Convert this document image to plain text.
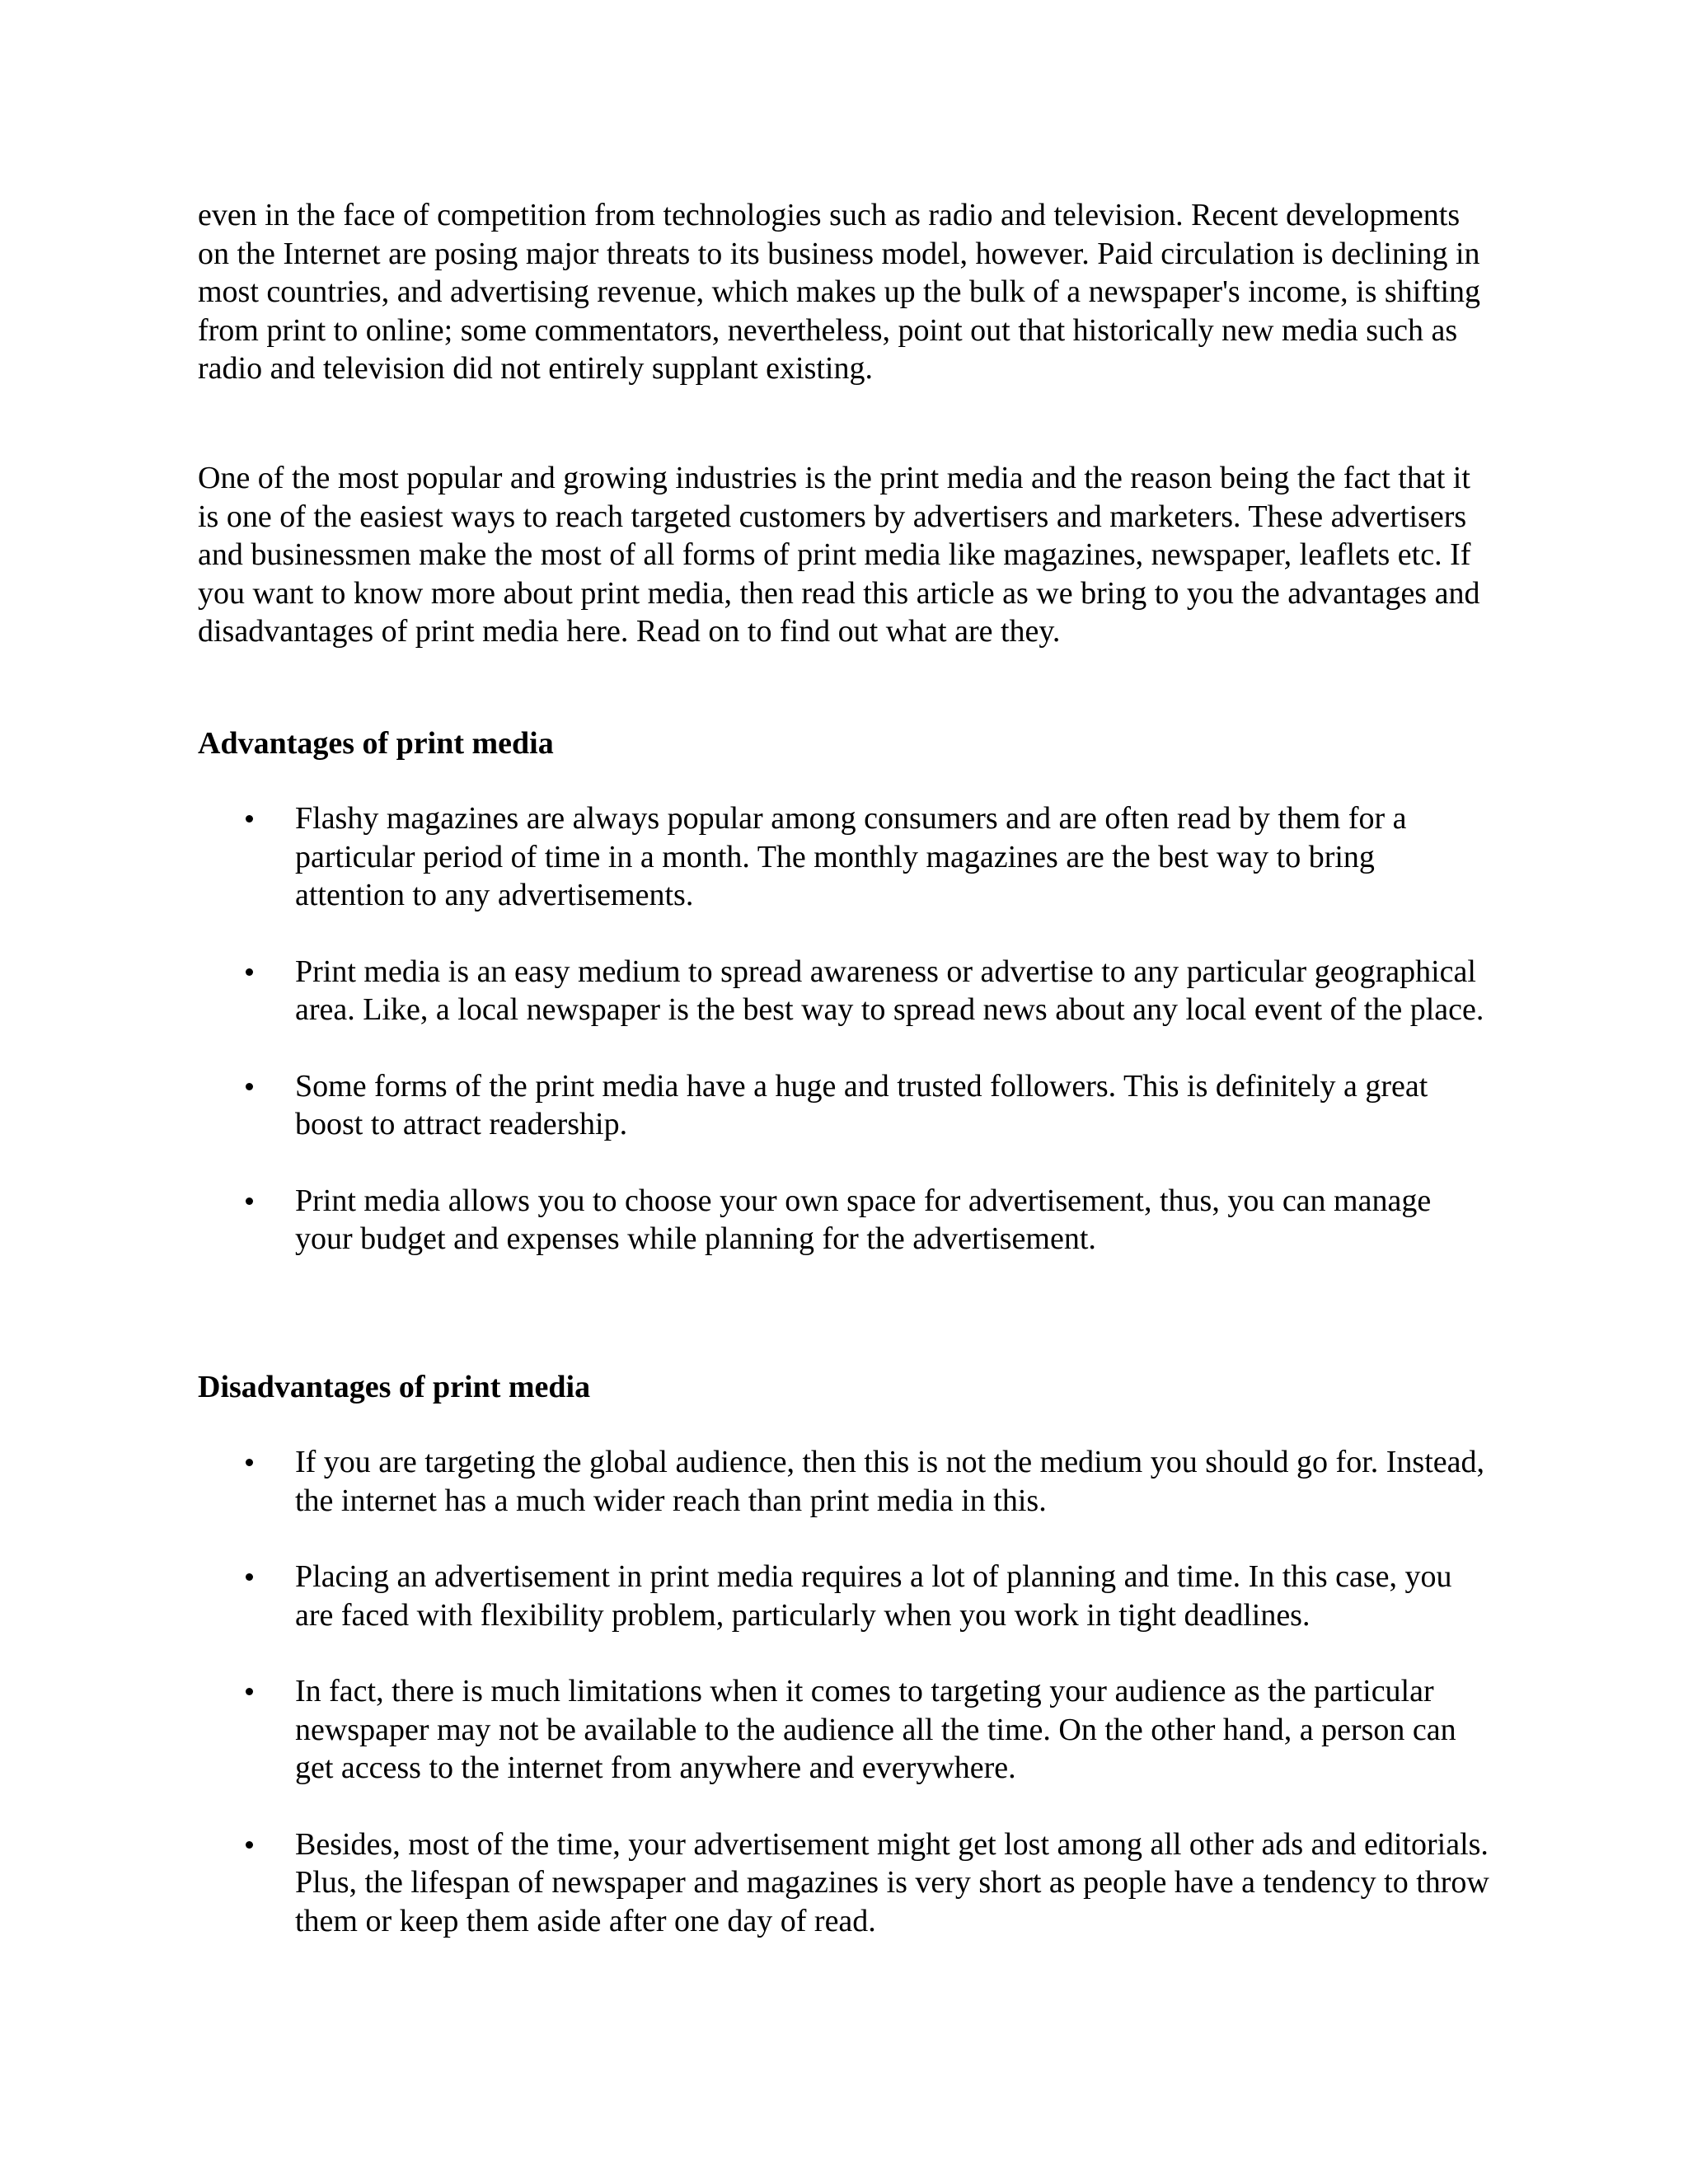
even in the face of competition from technologies such as radio and television. Recent developments on the Internet are posing major threats to its business model, however. Paid circulation is declining in most countries, and advertising revenue, which makes up the bulk of a newspaper's income, is shifting from print to online; some commentators, nevertheless, point out that historically new media such as radio and television did not entirely supplant existing.

One of the most popular and growing industries is the print media and the reason being the fact that it is one of the easiest ways to reach targeted customers by advertisers and marketers. These advertisers and businessmen make the most of all forms of print media like magazines, newspaper, leaflets etc. If you want to know more about print media, then read this article as we bring to you the advantages and disadvantages of print media here. Read on to find out what are they.

Advantages of print media
Flashy magazines are always popular among consumers and are often read by them for a particular period of time in a month. The monthly magazines are the best way to bring attention to any advertisements.
Print media is an easy medium to spread awareness or advertise to any particular geographical area. Like, a local newspaper is the best way to spread news about any local event of the place.
Some forms of the print media have a huge and trusted followers. This is definitely a great boost to attract readership.
Print media allows you to choose your own space for advertisement, thus, you can manage your budget and expenses while planning for the advertisement.
Disadvantages of print media
If you are targeting the global audience, then this is not the medium you should go for. Instead, the internet has a much wider reach than print media in this.
Placing an advertisement in print media requires a lot of planning and time. In this case, you are faced with flexibility problem, particularly when you work in tight deadlines.
In fact, there is much limitations when it comes to targeting your audience as the particular newspaper may not be available to the audience all the time. On the other hand, a person can get access to the internet from anywhere and everywhere.
Besides, most of the time, your advertisement might get lost among all other ads and editorials. Plus, the lifespan of newspaper and magazines is very short as people have a tendency to throw them or keep them aside after one day of read.
